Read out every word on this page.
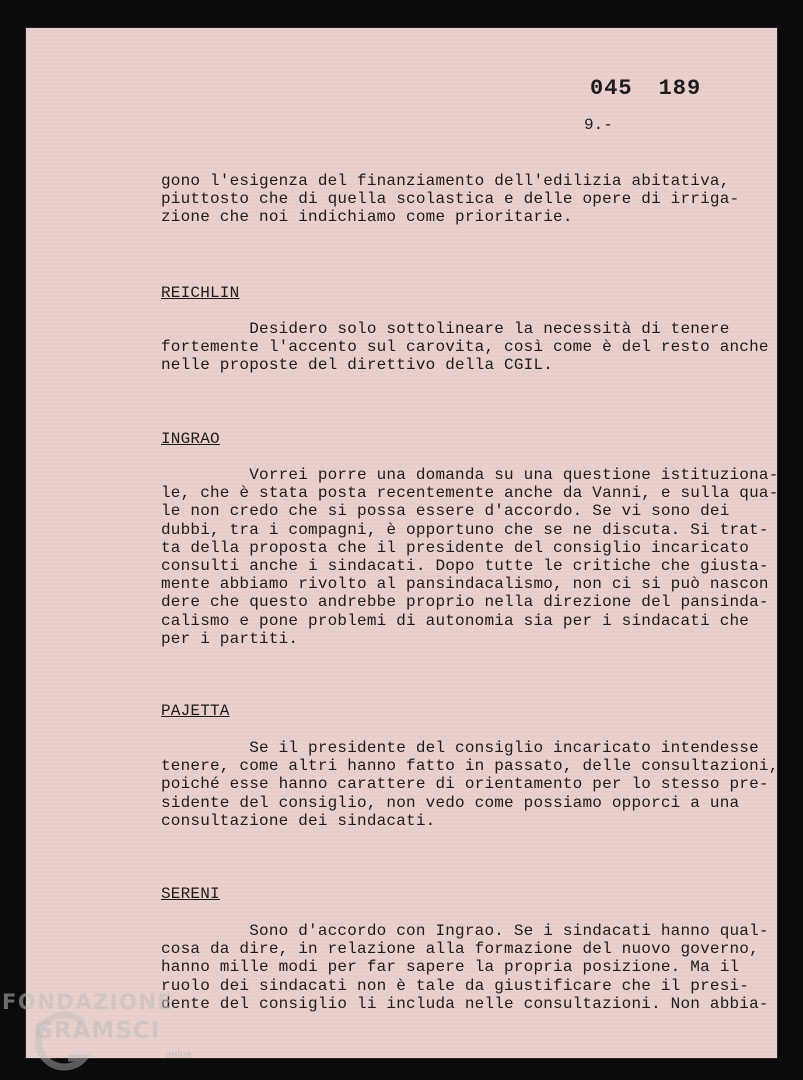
045 189
9.-
gono l'esigenza del finanziamento dell'edilizia abitativa,
piuttosto che di quella scolastica e delle opere di irriga-
zione che noi indichiamo come prioritarie.
REICHLIN
Desidero solo sottolineare la necessità di tenere
fortemente l'accento sul carovita, così come è del resto anche
nelle proposte del direttivo della CGIL.
INGRAO
Vorrei porre una domanda su una questione istituziona-
le, che è stata posta recentemente anche da Vanni, e sulla qua-
le non credo che si possa essere d'accordo. Se vi sono dei
dubbi, tra i compagni, è opportuno che se ne discuta. Si trat-
ta della proposta che il presidente del consiglio incaricato
consulti anche i sindacati. Dopo tutte le critiche che giusta-
mente abbiamo rivolto al pansindacalismo, non ci si può nascon
dere che questo andrebbe proprio nella direzione del pansinda-
calismo e pone problemi di autonomia sia per i sindacati che
per i partiti.
PAJETTA
Se il presidente del consiglio incaricato intendesse
tenere, come altri hanno fatto in passato, delle consultazioni,
poiché esse hanno carattere di orientamento per lo stesso pre-
sidente del consiglio, non vedo come possiamo opporci a una
consultazione dei sindacati.
SERENI
Sono d'accordo con Ingrao. Se i sindacati hanno qual-
cosa da dire, in relazione alla formazione del nuovo governo,
hanno mille modi per far sapere la propria posizione. Ma il
ruolo dei sindacati non è tale da giustificare che il presi-
dente del consiglio li includa nelle consultazioni. Non abbia-
FONDAZIONE
GRAMSCI
onlus
